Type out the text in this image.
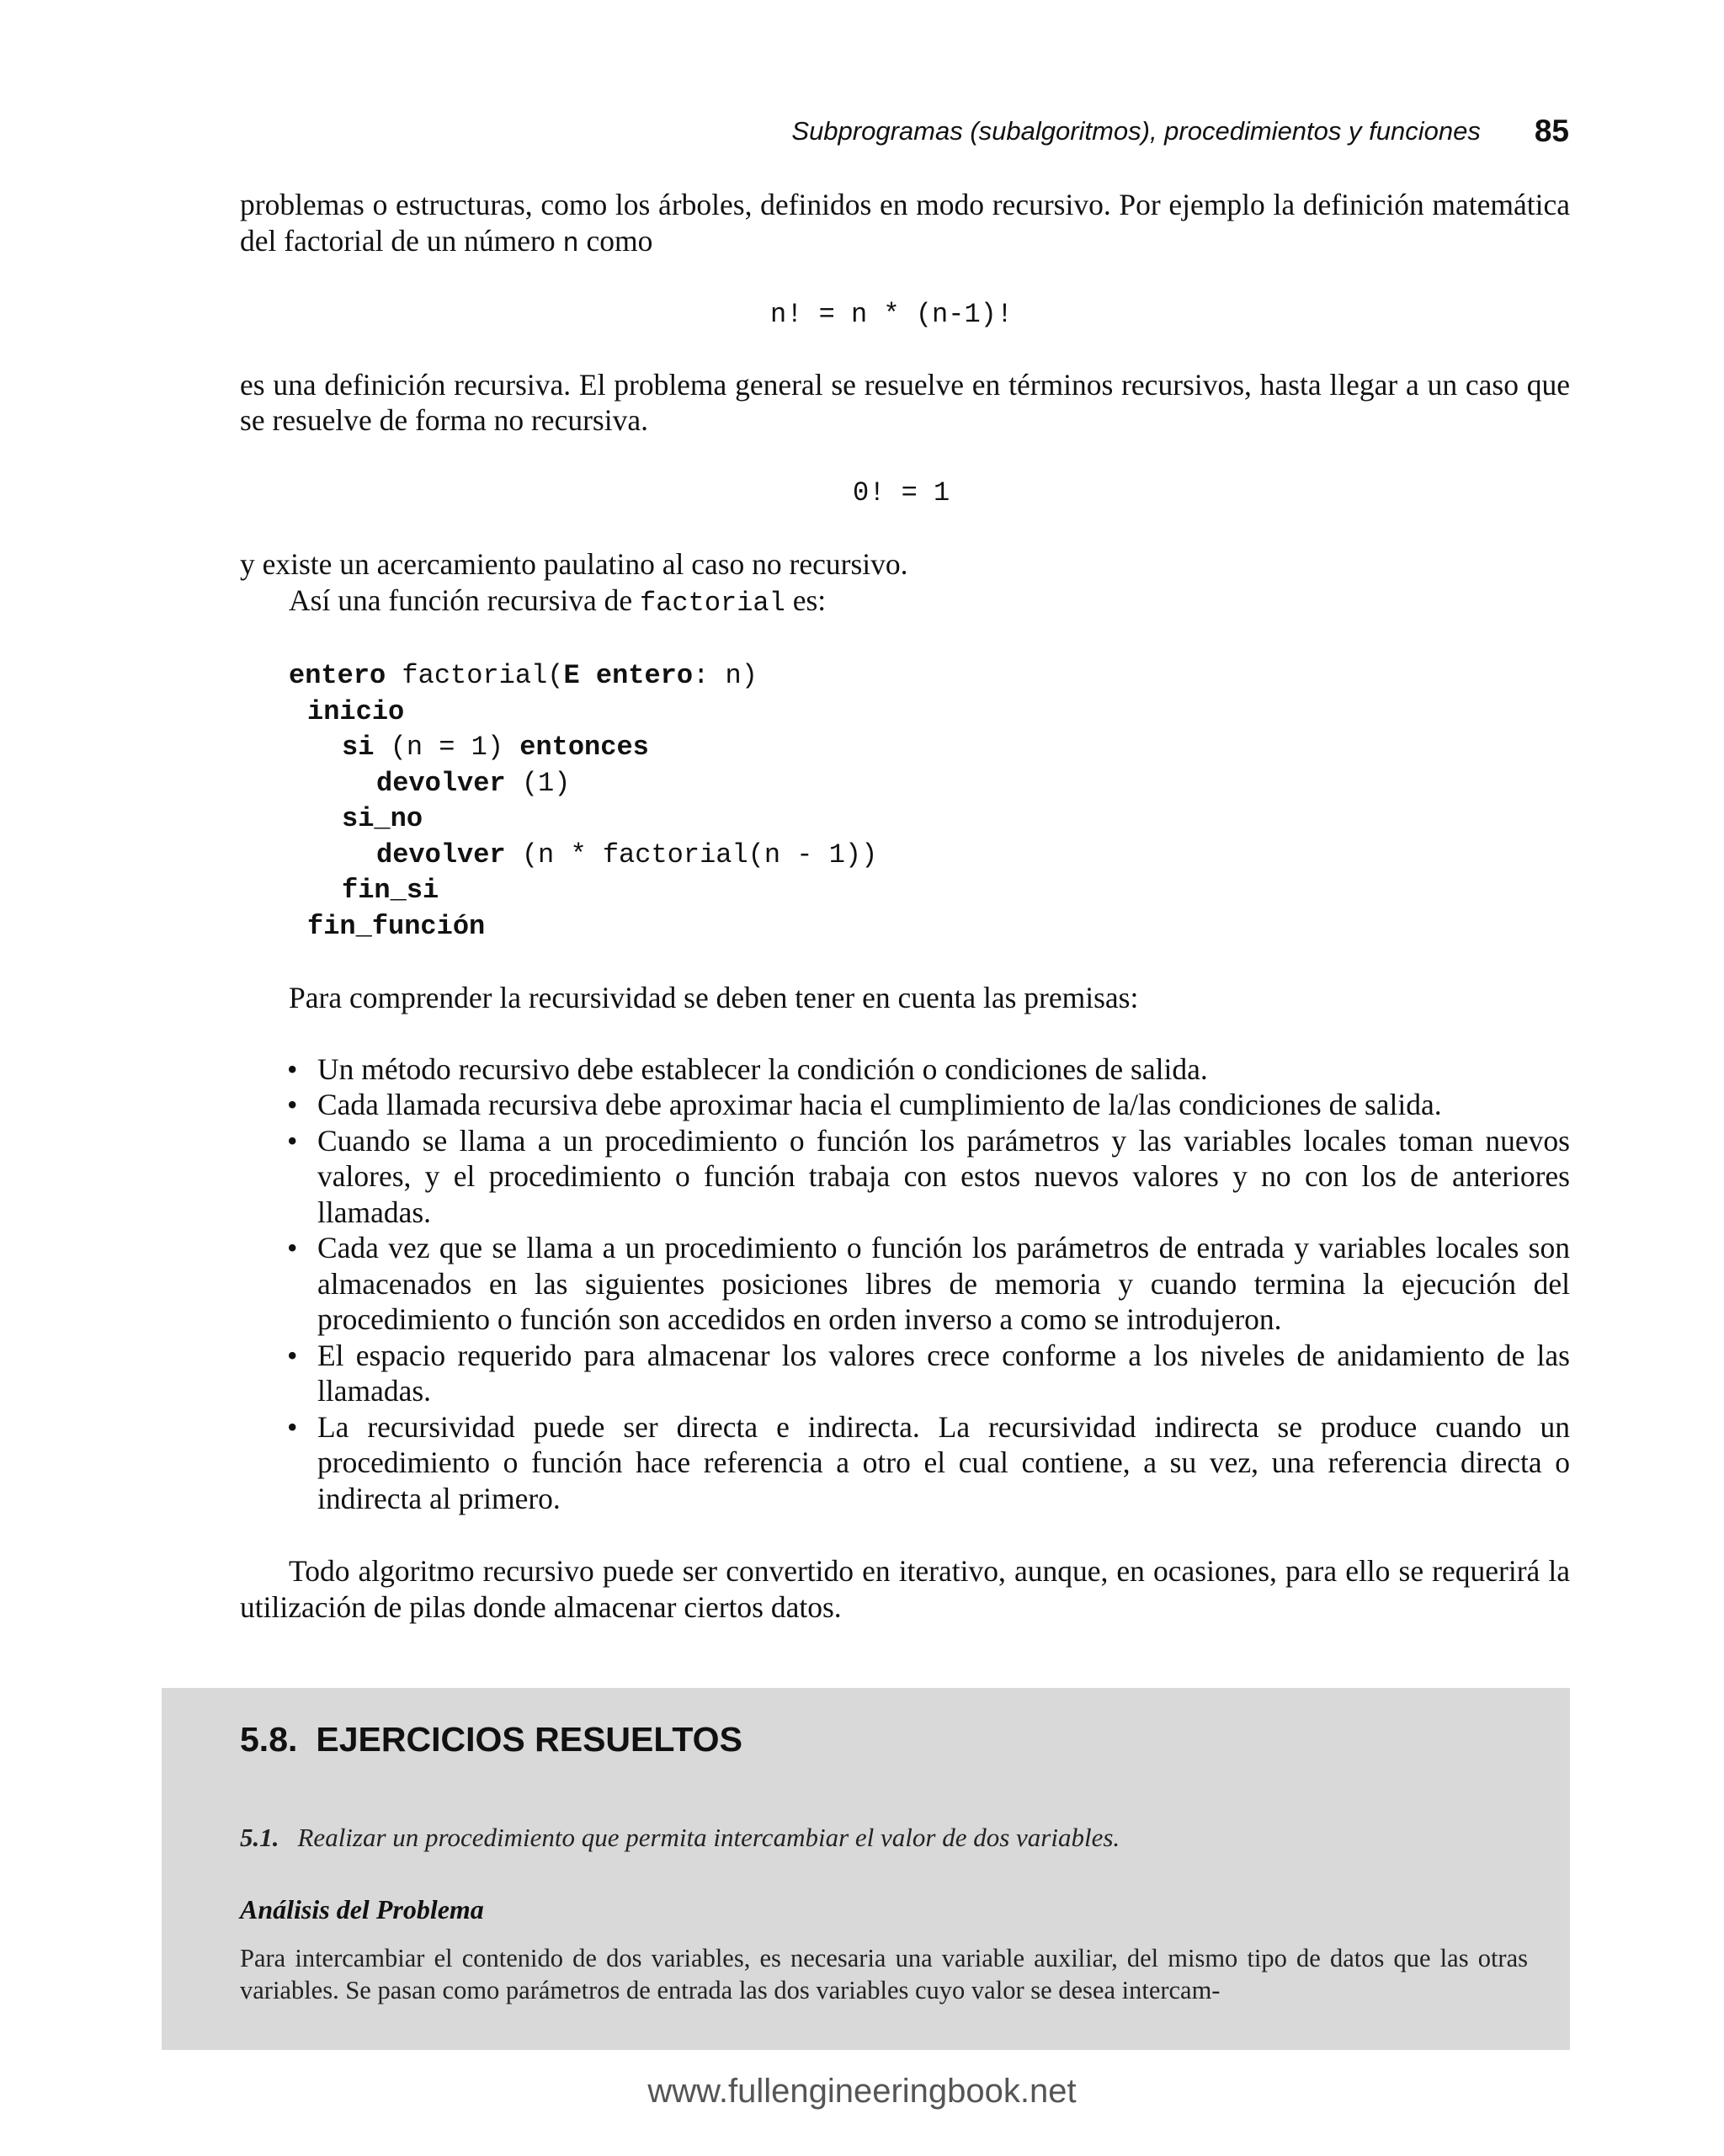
Subprogramas (subalgoritmos), procedimientos y funciones 85

problemas o estructuras, como los árboles, definidos en modo recursivo. Por ejemplo la definición matemática del factorial de un número n como

n! = n * (n-1)!

es una definición recursiva. El problema general se resuelve en términos recursivos, hasta llegar a un caso que se resuelve de forma no recursiva.

0! = 1

y existe un acercamiento paulatino al caso no recursivo.

Así una función recursiva de factorial es:

entero factorial(E entero: n)
inicio
si (n = 1) entonces
devolver (1)
si_no
devolver (n * factorial(n - 1))
fin_si
fin_función

Para comprender la recursividad se deben tener en cuenta las premisas:

• Un método recursivo debe establecer la condición o condiciones de salida.
• Cada llamada recursiva debe aproximar hacia el cumplimiento de la/las condiciones de salida.
• Cuando se llama a un procedimiento o función los parámetros y las variables locales toman nuevos valores, y el procedimiento o función trabaja con estos nuevos valores y no con los de anteriores llamadas.
• Cada vez que se llama a un procedimiento o función los parámetros de entrada y variables locales son almacenados en las siguientes posiciones libres de memoria y cuando termina la ejecución del procedimiento o función son accedidos en orden inverso a como se introdujeron.
• El espacio requerido para almacenar los valores crece conforme a los niveles de anidamiento de las llamadas.
• La recursividad puede ser directa e indirecta. La recursividad indirecta se produce cuando un procedimiento o función hace referencia a otro el cual contiene, a su vez, una referencia directa o indirecta al primero.

Todo algoritmo recursivo puede ser convertido en iterativo, aunque, en ocasiones, para ello se requerirá la utilización de pilas donde almacenar ciertos datos.

5.8. EJERCICIOS RESUELTOS
5.1. Realizar un procedimiento que permita intercambiar el valor de dos variables.
Análisis del Problema
Para intercambiar el contenido de dos variables, es necesaria una variable auxiliar, del mismo tipo de datos que las otras variables. Se pasan como parámetros de entrada las dos variables cuyo valor se desea intercam-
www.fullengineeringbook.net
